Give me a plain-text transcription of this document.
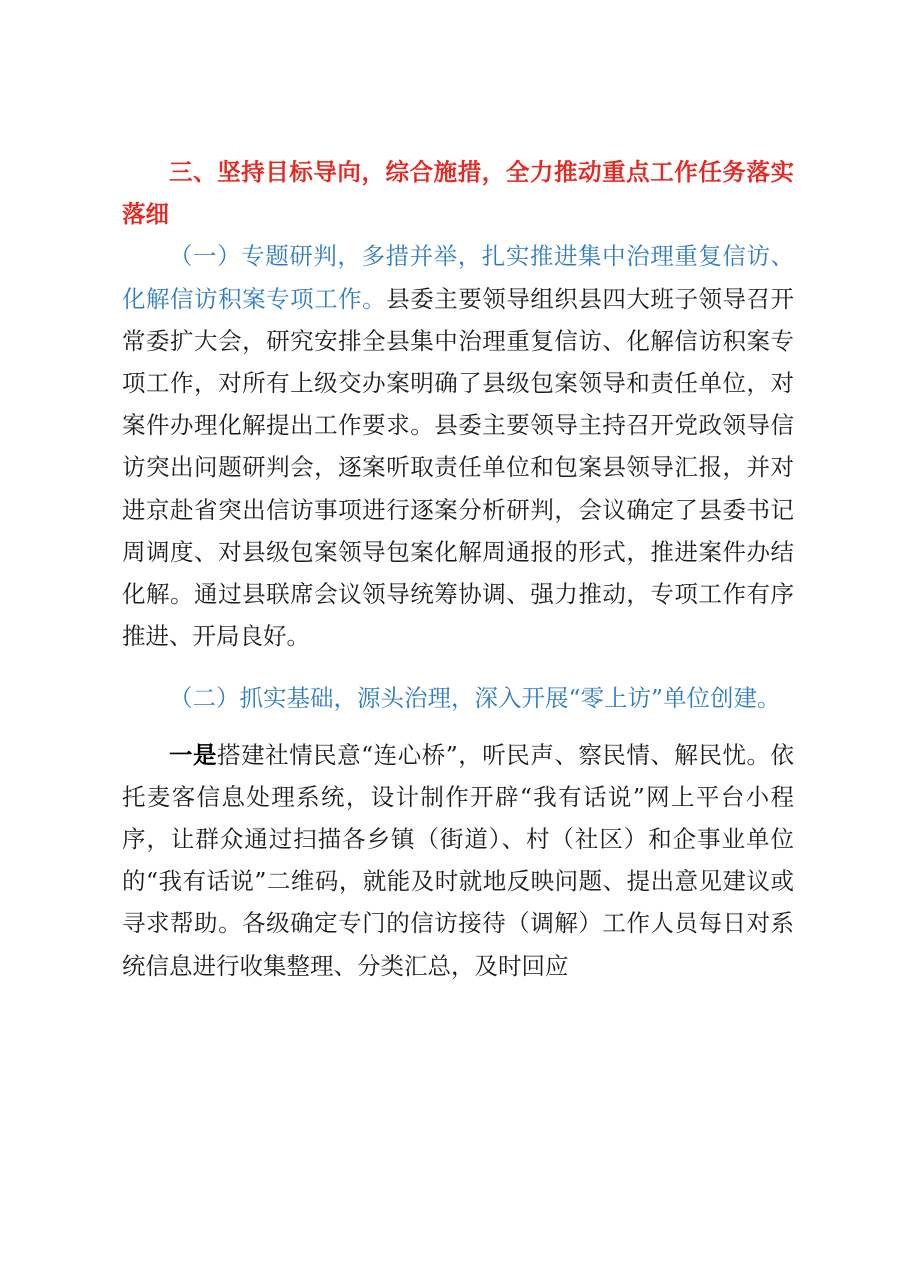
三、坚持目标导向，综合施措，全力推动重点工作任务落实落细

（一）专题研判，多措并举，扎实推进集中治理重复信访、化解信访积案专项工作。县委主要领导组织县四大班子领导召开常委扩大会，研究安排全县集中治理重复信访、化解信访积案专项工作，对所有上级交办案明确了县级包案领导和责任单位，对案件办理化解提出工作要求。县委主要领导主持召开党政领导信访突出问题研判会，逐案听取责任单位和包案县领导汇报，并对进京赴省突出信访事项进行逐案分析研判，会议确定了县委书记周调度、对县级包案领导包案化解周通报的形式，推进案件办结化解。通过县联席会议领导统筹协调、强力推动，专项工作有序推进、开局良好。

（二）抓实基础，源头治理，深入开展“零上访”单位创建。

一是搭建社情民意“连心桥”，听民声、察民情、解民忧。依托麦客信息处理系统，设计制作开辟“我有话说”网上平台小程序，让群众通过扫描各乡镇（街道）、村（社区）和企事业单位的“我有话说”二维码，就能及时就地反映问题、提出意见建议或寻求帮助。各级确定专门的信访接待（调解）工作人员每日对系统信息进行收集整理、分类汇总，及时回应
